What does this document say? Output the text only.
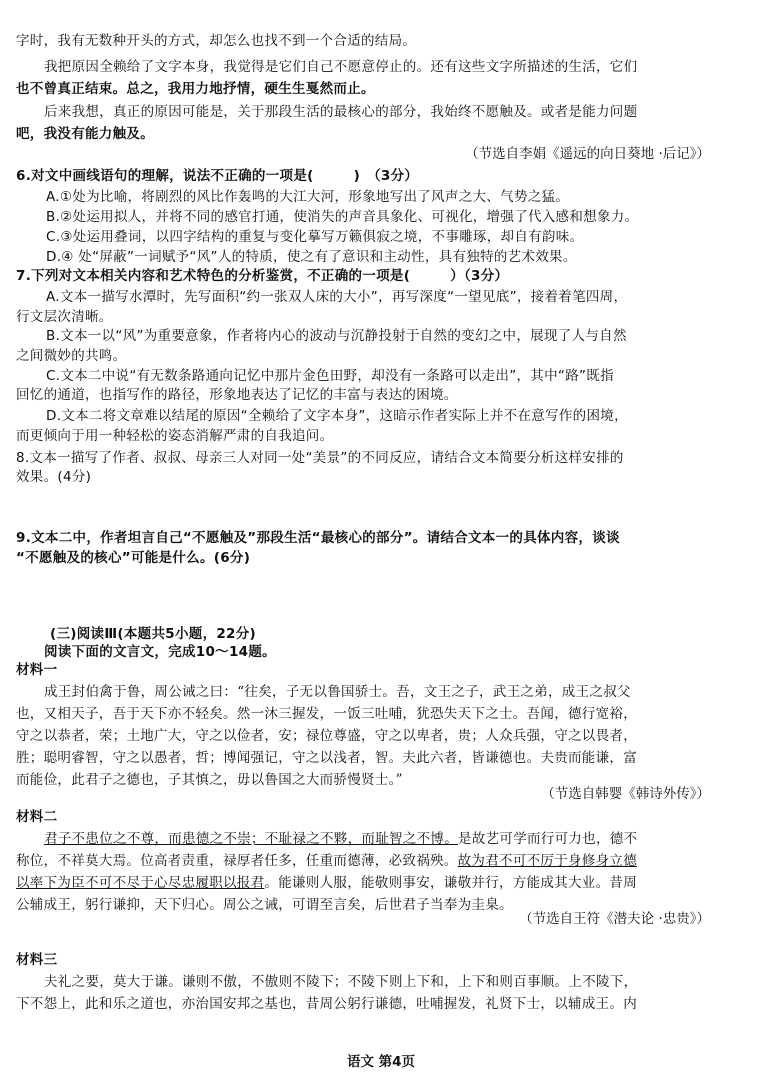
字时，我有无数种开头的方式，却怎么也找不到一个合适的结局。
我把原因全赖给了文字本身，我觉得是它们自己不愿意停止的。还有这些文字所描述的生活，它们
也不曾真正结束。总之，我用力地抒情，硬生生戛然而止。
后来我想，真正的原因可能是，关于那段生活的最核心的部分，我始终不愿触及。或者是能力问题
吧，我没有能力触及。
（节选自李娟《遥远的向日葵地 ·后记》）
6.对文中画线语句的理解，说法不正确的一项是(	)　（3分）
A.①处为比喻，将剧烈的风比作轰鸣的大江大河，形象地写出了风声之大、气势之猛。
B.②处运用拟人，并将不同的感官打通，使消失的声音具象化、可视化，增强了代入感和想象力。
C.③处运用叠词，以四字结构的重复与变化摹写万籁俱寂之境，不事雕琢，却自有韵味。
D.④ 处“屏蔽”一词赋予“风”人的特质，使之有了意识和主动性，具有独特的艺术效果。
7.下列对文本相关内容和艺术特色的分析鉴赏，不正确的一项是(	）（3分）
A.文本一描写水潭时，先写面积“约一张双人床的大小”，再写深度“一望见底”，接着着笔四周，
行文层次清晰。
B.文本一以“风”为重要意象，作者将内心的波动与沉静投射于自然的变幻之中，展现了人与自然
之间微妙的共鸣。
C.文本二中说“有无数条路通向记忆中那片金色田野，却没有一条路可以走出”，其中“路”既指
回忆的通道，也指写作的路径，形象地表达了记忆的丰富与表达的困境。
D.文本二将文章难以结尾的原因“全赖给了文字本身”，这暗示作者实际上并不在意写作的困境，
而更倾向于用一种轻松的姿态消解严肃的自我追问。
8.文本一描写了作者、叔叔、母亲三人对同一处“美景”的不同反应，请结合文本简要分析这样安排的
效果。(4分)
9.文本二中，作者坦言自己“不愿触及”那段生活“最核心的部分”。请结合文本一的具体内容，谈谈
“不愿触及的核心”可能是什么。(6分)
(三)阅读Ⅲ(本题共5小题，22分)
阅读下面的文言文，完成10～14题。
材料一
成王封伯禽于鲁，周公诫之曰：“往矣，子无以鲁国骄士。吾，文王之子，武王之弟，成王之叔父
也，又相天子，吾于天下亦不轻矣。然一沐三握发，一饭三吐哺，犹恐失天下之士。吾闻，德行宽裕，
守之以恭者，荣；土地广大，守之以俭者，安；禄位尊盛，守之以卑者，贵；人众兵强，守之以畏者，
胜；聪明睿智，守之以愚者，哲；博闻强记，守之以浅者，智。夫此六者，皆谦德也。夫贵而能谦，富
而能俭，此君子之德也，子其慎之，毋以鲁国之大而骄慢贤士。”
（节选自韩婴《韩诗外传》）
材料二
君子不患位之不尊，而患德之不崇；不耻禄之不夥，而耻智之不博。是故艺可学而行可力也，德不
称位，不祥莫大焉。位高者责重，禄厚者任多，任重而德薄，必致祸殃。故为君不可不厉于身修身立德
以率下为臣不可不尽于心尽忠履职以报君。能谦则人服，能敬则事安，谦敬并行，方能成其大业。昔周
公辅成王，躬行谦抑，天下归心。周公之诫，可谓至言矣，后世君子当奉为圭臬。
（节选自王符《潜夫论 ·忠贵》）
材料三
夫礼之要，莫大于谦。谦则不傲，不傲则不陵下；不陵下则上下和，上下和则百事顺。上不陵下，
下不怨上，此和乐之道也，亦治国安邦之基也，昔周公躬行谦德，吐哺握发，礼贤下士，以辅成王。内
语文 第4页
